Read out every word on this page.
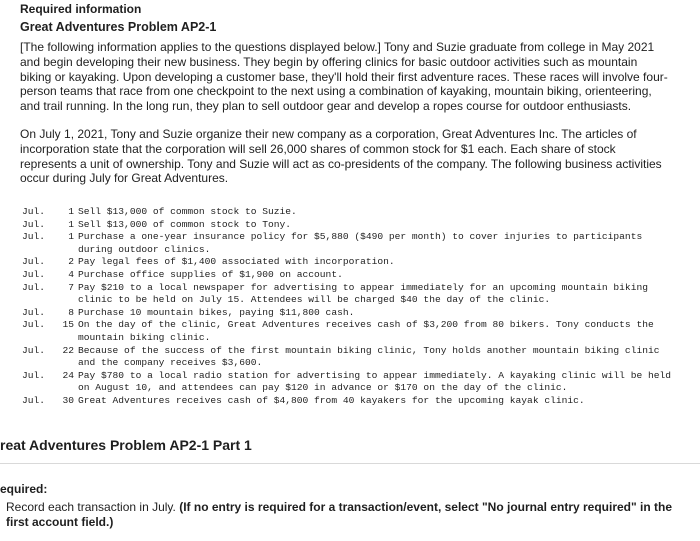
Required information
Great Adventures Problem AP2-1

[The following information applies to the questions displayed below.] Tony and Suzie graduate from college in May 2021 and begin developing their new business. They begin by offering clinics for basic outdoor activities such as mountain biking or kayaking. Upon developing a customer base, they'll hold their first adventure races. These races will involve four-person teams that race from one checkpoint to the next using a combination of kayaking, mountain biking, orienteering, and trail running. In the long run, they plan to sell outdoor gear and develop a ropes course for outdoor enthusiasts.

On July 1, 2021, Tony and Suzie organize their new company as a corporation, Great Adventures Inc. The articles of incorporation state that the corporation will sell 26,000 shares of common stock for $1 each. Each share of stock represents a unit of ownership. Tony and Suzie will act as co-presidents of the company. The following business activities occur during July for Great Adventures.

Jul.	1 Sell $13,000 of common stock to Suzie.
Jul.	1 Sell $13,000 of common stock to Tony.
Jul.	1 Purchase a one-year insurance policy for $5,880 ($490 per month) to cover injuries to participants during outdoor clinics.
Jul.	2 Pay legal fees of $1,400 associated with incorporation.
Jul.	4 Purchase office supplies of $1,900 on account.
Jul.	7 Pay $210 to a local newspaper for advertising to appear immediately for an upcoming mountain biking clinic to be held on July 15. Attendees will be charged $40 the day of the clinic.
Jul.	8 Purchase 10 mountain bikes, paying $11,800 cash.
Jul.	15 On the day of the clinic, Great Adventures receives cash of $3,200 from 80 bikers. Tony conducts the mountain biking clinic.
Jul.	22 Because of the success of the first mountain biking clinic, Tony holds another mountain biking clinic and the company receives $3,600.
Jul.	24 Pay $780 to a local radio station for advertising to appear immediately. A kayaking clinic will be held on August 10, and attendees can pay $120 in advance or $170 on the day of the clinic.
Jul.	30 Great Adventures receives cash of $4,800 from 40 kayakers for the upcoming kayak clinic.
reat Adventures Problem AP2-1 Part 1
equired:
Record each transaction in July. (If no entry is required for a transaction/event, select "No journal entry required" in the first account field.)
